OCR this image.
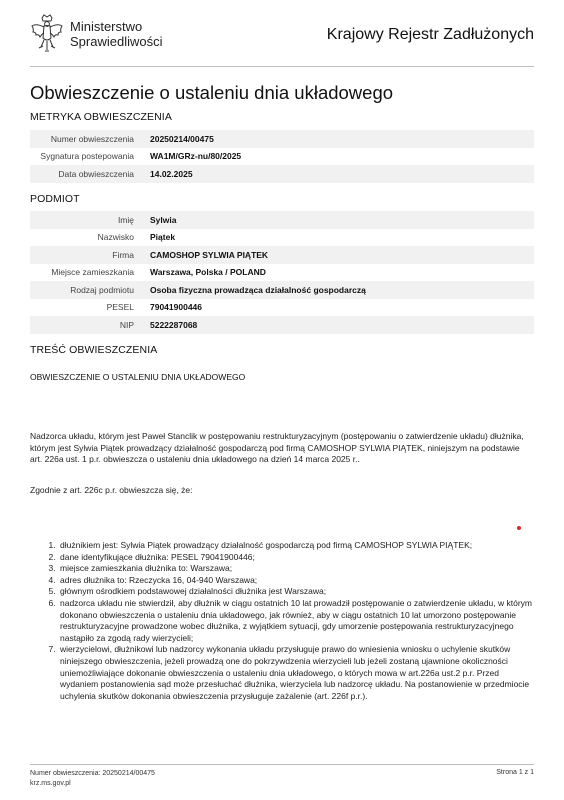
Ministerstwo
Sprawiedliwości	Krajowy Rejestr Zadłużonych
Obwieszczenie o ustaleniu dnia układowego
METRYKA OBWIESZCZENIA
Numer obwieszczenia	20250214/00475
Sygnatura postepowania	WA1M/GRz-nu/80/2025
Data obwieszczenia	14.02.2025
PODMIOT
Imię	Sylwia
Nazwisko	Piątek
Firma	CAMOSHOP SYLWIA PIĄTEK
Miejsce zamieszkania	Warszawa, Polska / POLAND
Rodzaj podmiotu	Osoba fizyczna prowadząca działalność gospodarczą
PESEL	79041900446
NIP	5222287068
TREŚĆ OBWIESZCZENIA
OBWIESZCZENIE O USTALENIU DNIA UKŁADOWEGO

Nadzorca układu, którym jest Paweł Stanclik w postępowaniu restrukturyzacyjnym (postępowaniu o zatwierdzenie układu) dłużnika, którym jest Sylwia Piątek prowadzący działalność gospodarczą pod firmą CAMOSHOP SYLWIA PIĄTEK, niniejszym na podstawie art. 226a ust. 1 p.r. obwieszcza o ustaleniu dnia układowego na dzień 14 marca 2025 r..

Zgodnie z art. 226c p.r. obwieszcza się, że:

1. dłużnikiem jest: Sylwia Piątek prowadzący działalność gospodarczą pod firmą CAMOSHOP SYLWIA PIĄTEK;
2. dane identyfikujące dłużnika: PESEL 79041900446;
3. miejsce zamieszkania dłużnika to: Warszawa;
4. adres dłużnika to: Rzeczycka 16, 04-940 Warszawa;
5. głównym ośrodkiem podstawowej działalności dłużnika jest Warszawa;
6. nadzorca układu nie stwierdził, aby dłużnik w ciągu ostatnich 10 lat prowadził postępowanie o zatwierdzenie układu, w którym dokonano obwieszczenia o ustaleniu dnia układowego, jak również, aby w ciągu ostatnich 10 lat umorzono postępowanie restrukturyzacyjne prowadzone wobec dłużnika, z wyjątkiem sytuacji, gdy umorzenie postępowania restrukturyzacyjnego nastąpiło za zgodą rady wierzycieli;
7. wierzycielowi, dłużnikowi lub nadzorcy wykonania układu przysługuje prawo do wniesienia wniosku o uchylenie skutków niniejszego obwieszczenia, jeżeli prowadzą one do pokrzywdzenia wierzycieli lub jeżeli zostaną ujawnione okoliczności uniemożliwiające dokonanie obwieszczenia o ustaleniu dnia układowego, o których mowa w art.226a ust.2 p.r. Przed wydaniem postanowienia sąd może przesłuchać dłużnika, wierzyciela lub nadzorcę układu. Na postanowienie w przedmiocie uchylenia skutków dokonania obwieszczenia przysługuje zażalenie (art. 226f p.r.).
Numer obwieszczenia: 20250214/00475
krz.ms.gov.pl
Strona 1 z 1
